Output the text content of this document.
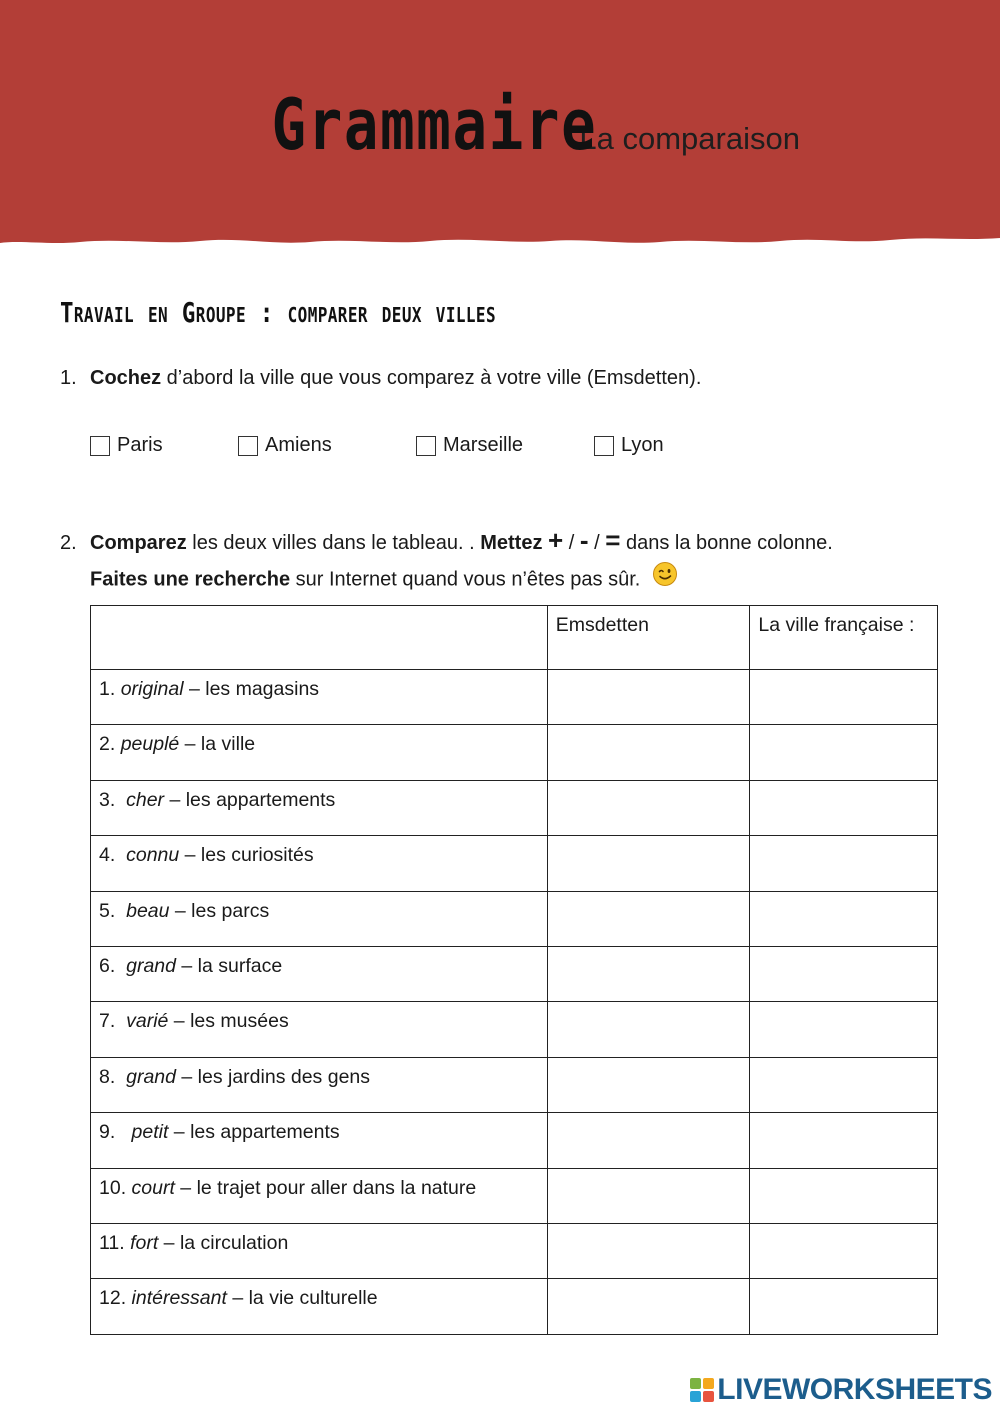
Grammaire
La comparaison
Travail en Groupe : comparer deux villes
1. Cochez d’abord la ville que vous comparez à votre ville (Emsdetten).
Paris	Amiens	Marseille	Lyon
2. Comparez les deux villes dans le tableau. . Mettez + / - / = dans la bonne colonne.
Faites une recherche sur Internet quand vous n’êtes pas sûr.
	Emsdetten	La ville française :
1. original – les magasins		
2. peuplé – la ville		
3.  cher – les appartements		
4.  connu – les curiosités		
5.  beau – les parcs		
6.  grand – la surface		
7.  varié – les musées		
8.  grand – les jardins des gens		
9.   petit – les appartements		
10. court – le trajet pour aller dans la nature		
11. fort – la circulation		
12. intéressant – la vie culturelle		
LIVEWORKSHEETS
